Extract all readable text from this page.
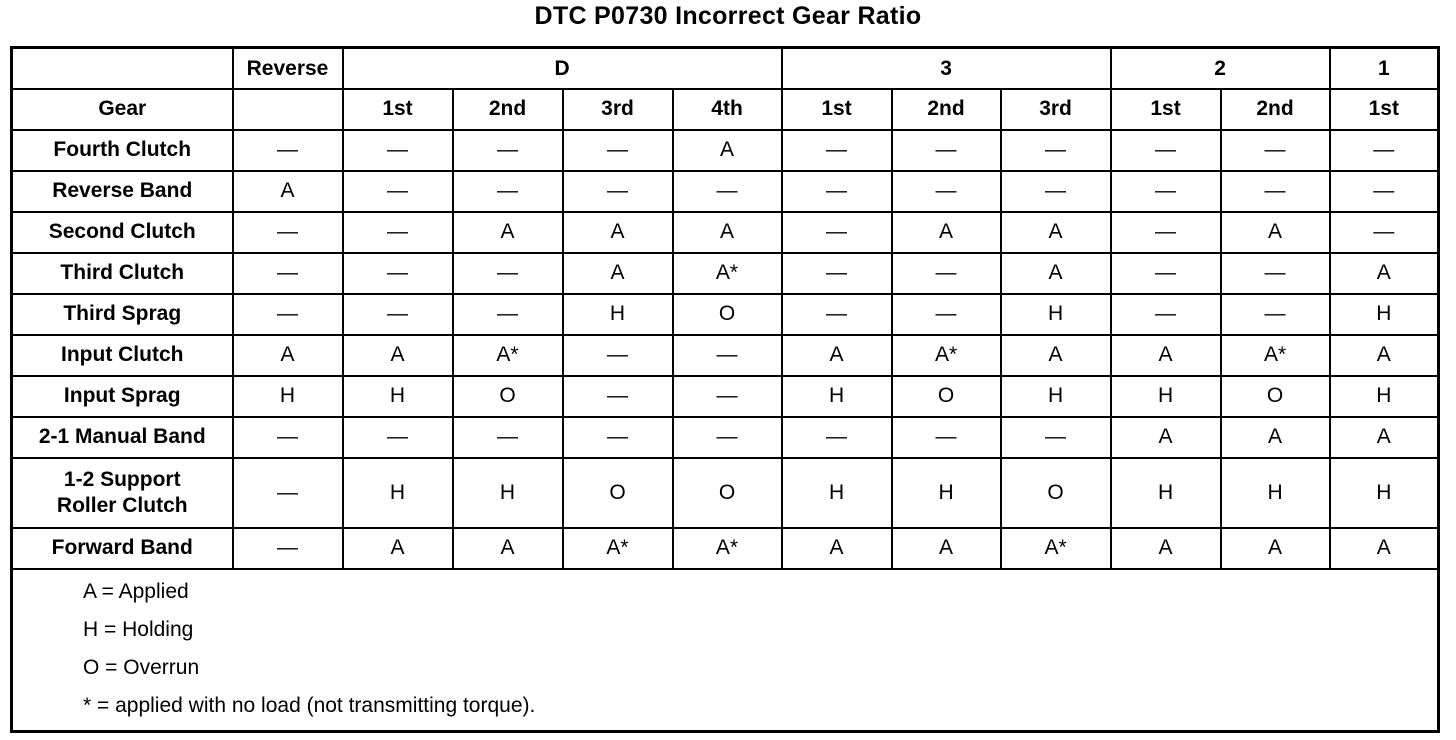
DTC P0730 Incorrect Gear Ratio
	Reverse	D				3			2		1
Gear		1st	2nd	3rd	4th	1st	2nd	3rd	1st	2nd	1st
Fourth Clutch	—	—	—	—	A	—	—	—	—	—	—
Reverse Band	A	—	—	—	—	—	—	—	—	—	—
Second Clutch	—	—	A	A	A	—	A	A	—	A	—
Third Clutch	—	—	—	A	A*	—	—	A	—	—	A
Third Sprag	—	—	—	H	O	—	—	H	—	—	H
Input Clutch	A	A	A*	—	—	A	A*	A	A	A*	A
Input Sprag	H	H	O	—	—	H	O	H	H	O	H
2-1 Manual Band	—	—	—	—	—	—	—	—	A	A	A

1-2 Support
Roller Clutch	—	H	H	O	O	H	H	O	H	H	H
Forward Band	—	A	A	A*	A*	A	A	A*	A	A	A

A = Applied
H = Holding
O = Overrun
* = applied with no load (not transmitting torque).											
